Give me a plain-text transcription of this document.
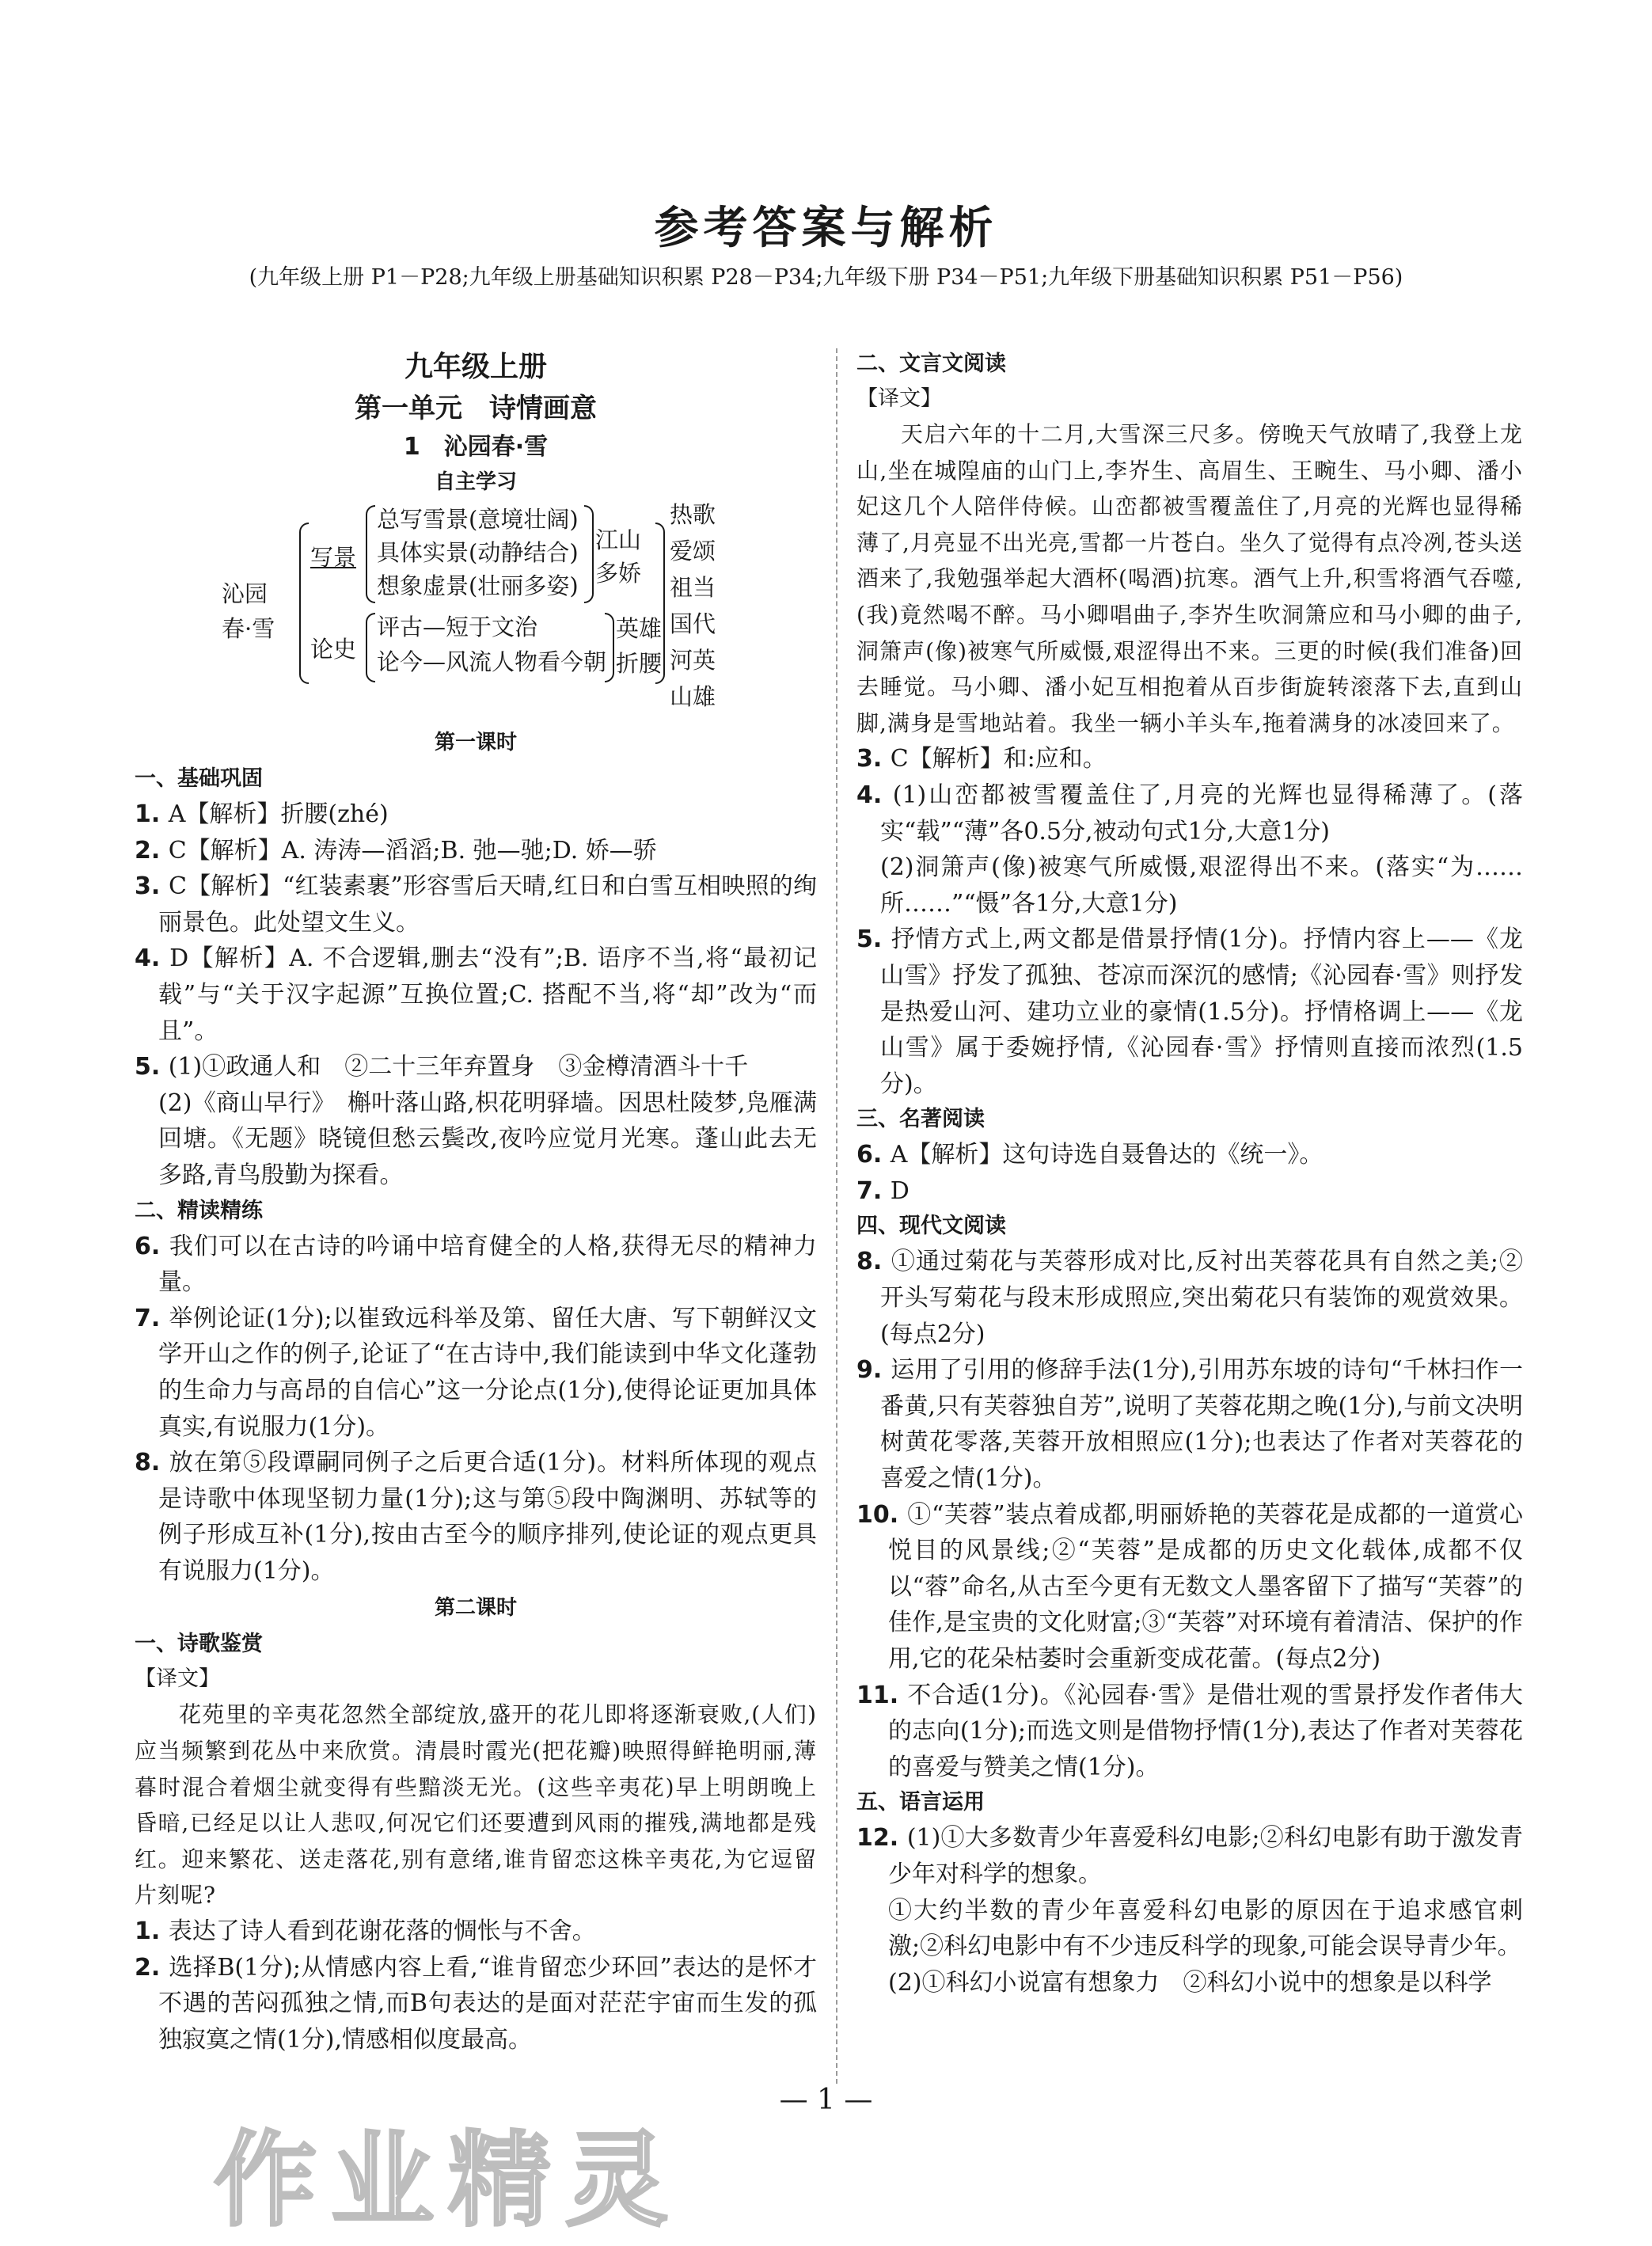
参考答案与解析
(九年级上册 P1－P28;九年级上册基础知识积累 P28－P34;九年级下册 P34－P51;九年级下册基础知识积累 P51－P56)
九年级上册
第一单元　诗情画意
1　沁园春·雪
自主学习
沁园
春·雪
写景
论史
总写雪景(意境壮阔)
具体实景(动静结合)
想象虚景(壮丽多姿)
江山
多娇
评古—短于文治
论今—风流人物看今朝
英雄
折腰
热歌
爱颂
祖当
国代
河英
山雄
第一课时
一、基础巩固
1. A【解析】折腰(zhé)
2. C【解析】A. 涛涛—滔滔;B. 弛—驰;D. 娇—骄
3. C【解析】“红装素裹”形容雪后天晴,红日和白雪互相映照的绚丽景色。此处望文生义。
4. D【解析】A. 不合逻辑,删去“没有”;B. 语序不当,将“最初记载”与“关于汉字起源”互换位置;C. 搭配不当,将“却”改为“而且”。
5. (1)①政通人和　②二十三年弃置身　③金樽清酒斗十千
(2)《商山早行》　槲叶落山路,枳花明驿墙。因思杜陵梦,凫雁满回塘。《无题》晓镜但愁云鬓改,夜吟应觉月光寒。蓬山此去无多路,青鸟殷勤为探看。
二、精读精练
6. 我们可以在古诗的吟诵中培育健全的人格,获得无尽的精神力量。
7. 举例论证(1分);以崔致远科举及第、留任大唐、写下朝鲜汉文学开山之作的例子,论证了“在古诗中,我们能读到中华文化蓬勃的生命力与高昂的自信心”这一分论点(1分),使得论证更加具体真实,有说服力(1分)。
8. 放在第⑤段谭嗣同例子之后更合适(1分)。材料所体现的观点是诗歌中体现坚韧力量(1分);这与第⑤段中陶渊明、苏轼等的例子形成互补(1分),按由古至今的顺序排列,使论证的观点更具有说服力(1分)。
第二课时
一、诗歌鉴赏
【译文】
花苑里的辛夷花忽然全部绽放,盛开的花儿即将逐渐衰败,(人们)应当频繁到花丛中来欣赏。清晨时霞光(把花瓣)映照得鲜艳明丽,薄暮时混合着烟尘就变得有些黯淡无光。(这些辛夷花)早上明朗晚上昏暗,已经足以让人悲叹,何况它们还要遭到风雨的摧残,满地都是残红。迎来繁花、送走落花,别有意绪,谁肯留恋这株辛夷花,为它逗留片刻呢?
1. 表达了诗人看到花谢花落的惆怅与不舍。
2. 选择B(1分);从情感内容上看,“谁肯留恋少环回”表达的是怀才不遇的苦闷孤独之情,而B句表达的是面对茫茫宇宙而生发的孤独寂寞之情(1分),情感相似度最高。
二、文言文阅读
【译文】
天启六年的十二月,大雪深三尺多。傍晚天气放晴了,我登上龙山,坐在城隍庙的山门上,李岕生、高眉生、王畹生、马小卿、潘小妃这几个人陪伴侍候。山峦都被雪覆盖住了,月亮的光辉也显得稀薄了,月亮显不出光亮,雪都一片苍白。坐久了觉得有点冷冽,苍头送酒来了,我勉强举起大酒杯(喝酒)抗寒。酒气上升,积雪将酒气吞噬,(我)竟然喝不醉。马小卿唱曲子,李岕生吹洞箫应和马小卿的曲子,洞箫声(像)被寒气所威慑,艰涩得出不来。三更的时候(我们准备)回去睡觉。马小卿、潘小妃互相抱着从百步街旋转滚落下去,直到山脚,满身是雪地站着。我坐一辆小羊头车,拖着满身的冰凌回来了。
3. C【解析】和:应和。
4. (1)山峦都被雪覆盖住了,月亮的光辉也显得稀薄了。(落实“载”“薄”各0.5分,被动句式1分,大意1分)
(2)洞箫声(像)被寒气所威慑,艰涩得出不来。(落实“为……所……”“慑”各1分,大意1分)
5. 抒情方式上,两文都是借景抒情(1分)。抒情内容上——《龙山雪》抒发了孤独、苍凉而深沉的感情;《沁园春·雪》则抒发是热爱山河、建功立业的豪情(1.5分)。抒情格调上——《龙山雪》属于委婉抒情,《沁园春·雪》抒情则直接而浓烈(1.5分)。
三、名著阅读
6. A【解析】这句诗选自聂鲁达的《统一》。
7. D
四、现代文阅读
8. ①通过菊花与芙蓉形成对比,反衬出芙蓉花具有自然之美;②开头写菊花与段末形成照应,突出菊花只有装饰的观赏效果。(每点2分)
9. 运用了引用的修辞手法(1分),引用苏东坡的诗句“千林扫作一番黄,只有芙蓉独自芳”,说明了芙蓉花期之晚(1分),与前文决明树黄花零落,芙蓉开放相照应(1分);也表达了作者对芙蓉花的喜爱之情(1分)。
10. ①“芙蓉”装点着成都,明丽娇艳的芙蓉花是成都的一道赏心悦目的风景线;②“芙蓉”是成都的历史文化载体,成都不仅以“蓉”命名,从古至今更有无数文人墨客留下了描写“芙蓉”的佳作,是宝贵的文化财富;③“芙蓉”对环境有着清洁、保护的作用,它的花朵枯萎时会重新变成花蕾。(每点2分)
11. 不合适(1分)。《沁园春·雪》是借壮观的雪景抒发作者伟大的志向(1分);而选文则是借物抒情(1分),表达了作者对芙蓉花的喜爱与赞美之情(1分)。
五、语言运用
12. (1)①大多数青少年喜爱科幻电影;②科幻电影有助于激发青少年对科学的想象。
①大约半数的青少年喜爱科幻电影的原因在于追求感官刺激;②科幻电影中有不少违反科学的现象,可能会误导青少年。
(2)①科幻小说富有想象力　②科幻小说中的想象是以科学
— 1 —
作业精灵
